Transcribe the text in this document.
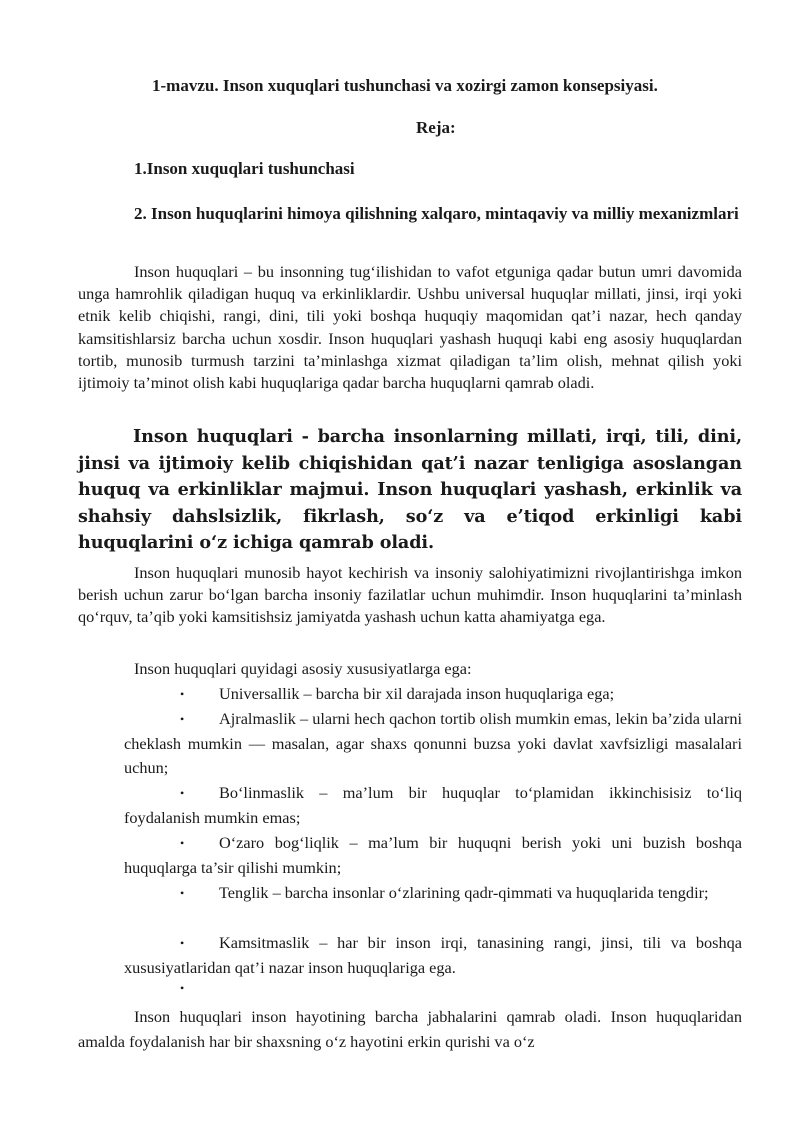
1-mavzu. Inson xuquqlari tushunchasi va xozirgi zamon konsepsiyasi.
Reja:
1.Inson xuquqlari tushunchasi
2. Inson huquqlarini himoya qilishning xalqaro, mintaqaviy va milliy mexanizmlari
Inson huquqlari – bu insonning tug‘ilishidan to vafot etguniga qadar butun umri davomida unga hamrohlik qiladigan huquq va erkinliklardir. Ushbu universal huquqlar millati, jinsi, irqi yoki etnik kelib chiqishi, rangi, dini, tili yoki boshqa huquqiy maqomidan qat’i nazar, hech qanday kamsitishlarsiz barcha uchun xosdir. Inson huquqlari yashash huquqi kabi eng asosiy huquqlardan tortib, munosib turmush tarzini ta’minlashga xizmat qiladigan ta’lim olish, mehnat qilish yoki ijtimoiy ta’minot olish kabi huquqlariga qadar barcha huquqlarni qamrab oladi.
Inson huquqlari - barcha insonlarning millati, irqi, tili, dini, jinsi va ijtimoiy kelib chiqishidan qat’i nazar tenligiga asoslangan huquq va erkinliklar majmui. Inson huquqlari yashash, erkinlik va shahsiy dahslsizlik, fikrlash, so‘z va e’tiqod erkinligi kabi huquqlarini o‘z ichiga qamrab oladi.
Inson huquqlari munosib hayot kechirish va insoniy salohiyatimizni rivojlantirishga imkon berish uchun zarur bo‘lgan barcha insoniy fazilatlar uchun muhimdir. Inson huquqlarini ta’minlash qo‘rquv, ta’qib yoki kamsitishsiz jamiyatda yashash uchun katta ahamiyatga ega.
Inson huquqlari quyidagi asosiy xususiyatlarga ega:
•	Universallik – barcha bir xil darajada inson huquqlariga ega;
•	Ajralmaslik – ularni hech qachon tortib olish mumkin emas, lekin ba’zida ularni cheklash mumkin — masalan, agar shaxs qonunni buzsa yoki davlat xavfsizligi masalalari uchun;
•	Bo‘linmaslik – ma’lum bir huquqlar to‘plamidan ikkinchisisiz to‘liq foydalanish mumkin emas;
•	O‘zaro bog‘liqlik – ma’lum bir huquqni berish yoki uni buzish boshqa huquqlarga ta’sir qilishi mumkin;
•	Tenglik – barcha insonlar o‘zlarining qadr-qimmati va huquqlarida tengdir;
•	Kamsitmaslik – har bir inson irqi, tanasining rangi, jinsi, tili va boshqa xususiyatlaridan qat’i nazar inson huquqlariga ega.
•
Inson huquqlari inson hayotining barcha jabhalarini qamrab oladi. Inson huquqlaridan amalda foydalanish har bir shaxsning o‘z hayotini erkin qurishi va o‘z
